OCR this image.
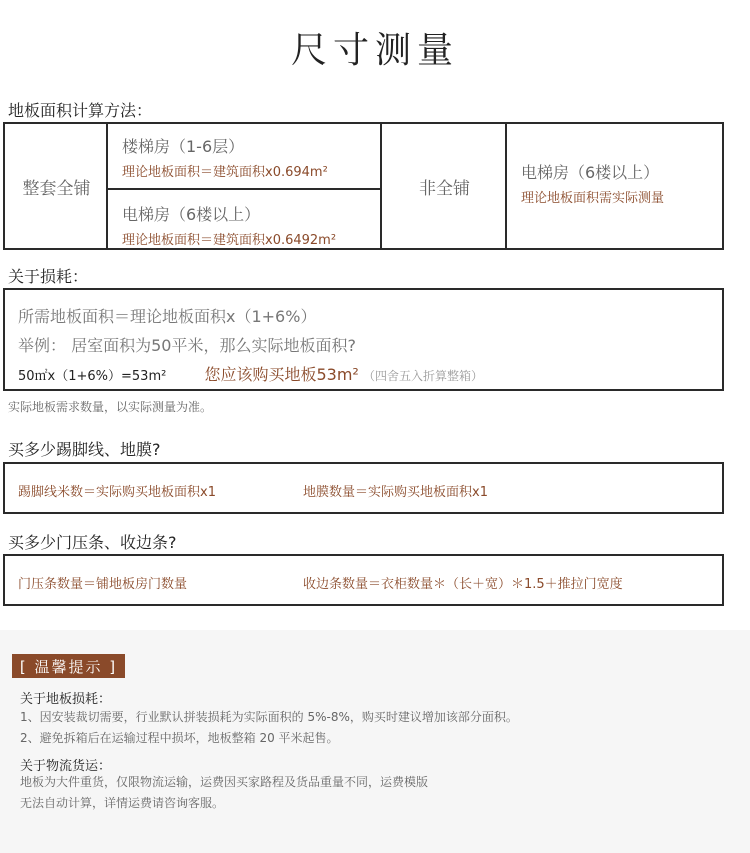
尺寸测量
地板面积计算方法：
整套全铺
楼梯房（1-6层）
理论地板面积＝建筑面积x0.694m²
电梯房（6楼以上）
理论地板面积＝建筑面积x0.6492m²
非全铺
电梯房（6楼以上）
理论地板面积需实际测量
关于损耗：
所需地板面积＝理论地板面积x（1+6%）
举例： 居室面积为50平米，那么实际地板面积?
50㎡x（1+6%）=53m² 您应该购买地板53m² （四舍五入折算整箱）
实际地板需求数量，以实际测量为准。
买多少踢脚线、地膜?
踢脚线米数＝实际购买地板面积x1	地膜数量＝实际购买地板面积x1
买多少门压条、收边条?
门压条数量＝铺地板房门数量	收边条数量＝衣柜数量＊（长＋宽）＊1.5＋推拉门宽度
[ 温馨提示 ]
关于地板损耗：
1、因安装裁切需要，行业默认拼装损耗为实际面积的 5%-8%，购买时建议增加该部分面积。
2、避免拆箱后在运输过程中损坏，地板整箱 20 平米起售。
关于物流货运：
地板为大件重货，仅限物流运输，运费因买家路程及货品重量不同，运费模版
无法自动计算，详情运费请咨询客服。
